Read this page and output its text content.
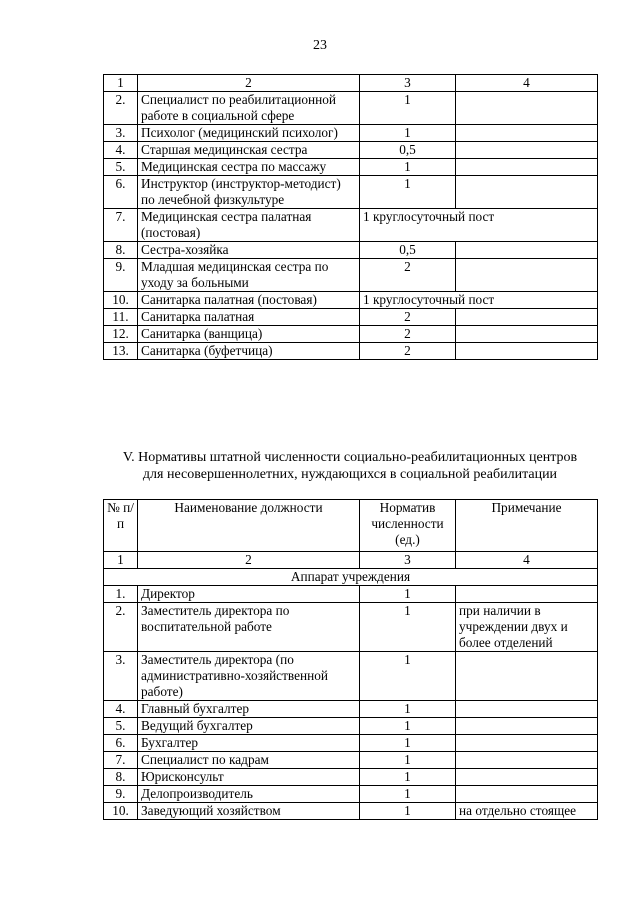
23
1	2	3	4
2.	Специалист по реабилитационной работе в социальной сфере	1	
3.	Психолог (медицинский психолог)	1	
4.	Старшая медицинская сестра	0,5	
5.	Медицинская сестра по массажу	1	
6.	Инструктор (инструктор-методист) по лечебной физкультуре	1	
7.	Медицинская сестра палатная (постовая)	1 круглосуточный пост	
8.	Сестра-хозяйка	0,5	
9.	Младшая медицинская сестра по уходу за больными	2	
10.	Санитарка палатная (постовая)	1 круглосуточный пост	
11.	Санитарка палатная	2	
12.	Санитарка (ванщица)	2	
13.	Санитарка (буфетчица)	2	
V. Нормативы штатной численности социально-реабилитационных центров
для несовершеннолетних, нуждающихся в социальной реабилитации
№ п/п	Наименование должности	Норматив численности (ед.)	Примечание
1	2	3	4
Аппарат учреждения			
1.	Директор	1	
2.	Заместитель директора по воспитательной работе	1	при наличии в учреждении двух и более отделений
3.	Заместитель директора (по административно-хозяйственной работе)	1	
4.	Главный бухгалтер	1	
5.	Ведущий бухгалтер	1	
6.	Бухгалтер	1	
7.	Специалист по кадрам	1	
8.	Юрисконсульт	1	
9.	Делопроизводитель	1	
10.	Заведующий хозяйством	1	на отдельно стоящее
